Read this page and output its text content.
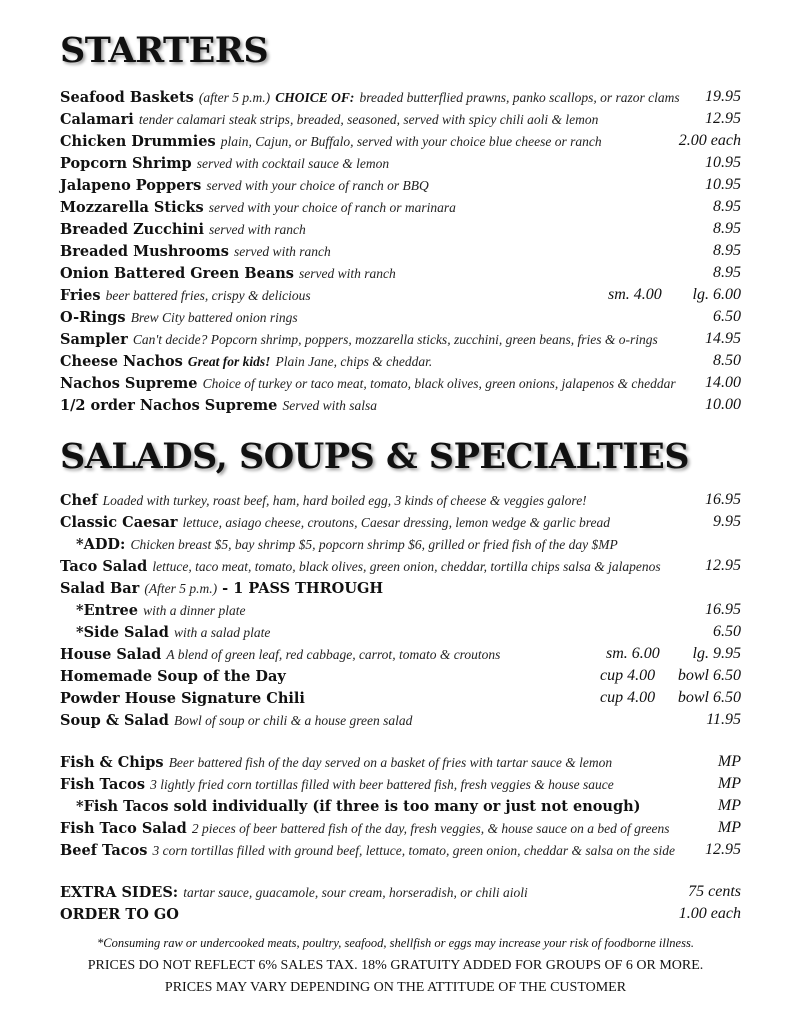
STARTERS
Seafood Baskets (after 5 p.m.) CHOICE OF: breaded butterflied prawns, panko scallops, or razor clams 19.95
Calamari tender calamari steak strips, breaded, seasoned, served with spicy chili aoli & lemon	12.95
Chicken Drummies plain, Cajun, or Buffalo, served with your choice blue cheese or ranch	2.00 each
Popcorn Shrimp served with cocktail sauce & lemon	10.95
Jalapeno Poppers served with your choice of ranch or BBQ	10.95
Mozzarella Sticks served with your choice of ranch or marinara	8.95
Breaded Zucchini served with ranch	8.95
Breaded Mushrooms served with ranch	8.95
Onion Battered Green Beans served with ranch	8.95
Fries beer battered fries, crispy & delicious	sm. 4.00 lg. 6.00
O-Rings Brew City battered onion rings	6.50
Sampler Can't decide? Popcorn shrimp, poppers, mozzarella sticks, zucchini, green beans, fries & o-rings	14.95
Cheese Nachos Great for kids! Plain Jane, chips & cheddar.	8.50
Nachos Supreme Choice of turkey or taco meat, tomato, black olives, green onions, jalapenos & cheddar 14.00
1/2 order Nachos Supreme Served with salsa	10.00
SALADS, SOUPS & SPECIALTIES
Chef Loaded with turkey, roast beef, ham, hard boiled egg, 3 kinds of cheese & veggies galore!	16.95
Classic Caesar lettuce, asiago cheese, croutons, Caesar dressing, lemon wedge & garlic bread	9.95
*ADD: Chicken breast $5, bay shrimp $5, popcorn shrimp $6, grilled or fried fish of the day $MP
Taco Salad lettuce, taco meat, tomato, black olives, green onion, cheddar, tortilla chips salsa & jalapenos	12.95
Salad Bar (After 5 p.m.) - 1 PASS THROUGH
*Entree with a dinner plate	16.95
*Side Salad with a salad plate	6.50
House Salad A blend of green leaf, red cabbage, carrot, tomato & croutons	sm. 6.00 lg. 9.95
Homemade Soup of the Day	cup 4.00 bowl 6.50
Powder House Signature Chili	cup 4.00 bowl 6.50
Soup & Salad Bowl of soup or chili & a house green salad	11.95
Fish & Chips Beer battered fish of the day served on a basket of fries with tartar sauce & lemon	MP
Fish Tacos 3 lightly fried corn tortillas filled with beer battered fish, fresh veggies & house sauce	MP
*Fish Tacos sold individually (if three is too many or just not enough)	MP
Fish Taco Salad 2 pieces of beer battered fish of the day, fresh veggies, & house sauce on a bed of greens	MP
Beef Tacos 3 corn tortillas filled with ground beef, lettuce, tomato, green onion, cheddar & salsa on the side 12.95
EXTRA SIDES: tartar sauce, guacamole, sour cream, horseradish, or chili aioli	75 cents
ORDER TO GO	1.00 each
*Consuming raw or undercooked meats, poultry, seafood, shellfish or eggs may increase your risk of foodborne illness.
PRICES DO NOT REFLECT 6% SALES TAX. 18% GRATUITY ADDED FOR GROUPS OF 6 OR MORE.
PRICES MAY VARY DEPENDING ON THE ATTITUDE OF THE CUSTOMER
